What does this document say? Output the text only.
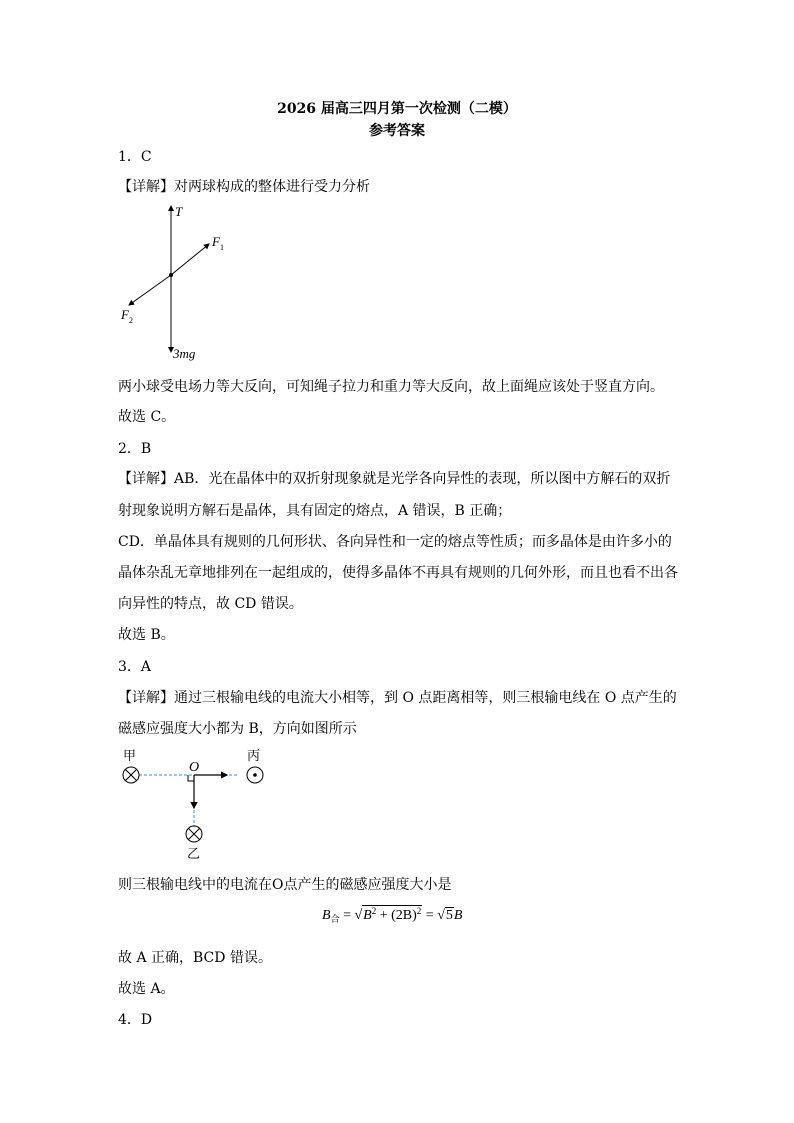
2026 届高三四月第一次检测（二模）
参考答案
1．C
【详解】对两球构成的整体进行受力分析
T
$F_1$
$F_2$
3mg
两小球受电场力等大反向，可知绳子拉力和重力等大反向，故上面绳应该处于竖直方向。
故选 C。
2．B
【详解】AB．光在晶体中的双折射现象就是光学各向异性的表现，所以图中方解石的双折
射现象说明方解石是晶体，具有固定的熔点，A 错误，B 正确；
CD．单晶体具有规则的几何形状、各向异性和一定的熔点等性质；而多晶体是由许多小的
晶体杂乱无章地排列在一起组成的，使得多晶体不再具有规则的几何外形，而且也看不出各
向异性的特点，故 CD 错误。
故选 B。
3．A
【详解】通过三根输电线的电流大小相等，到 O 点距离相等，则三根输电线在 O 点产生的
磁感应强度大小都为 B，方向如图所示
甲	丙
乙
O
则三根输电线中的电流在O点产生的磁感应强度大小是
$B_合 = √B^2 + (2B)^2 = √5B$
故 A 正确，BCD 错误。
故选 A。
4．D
